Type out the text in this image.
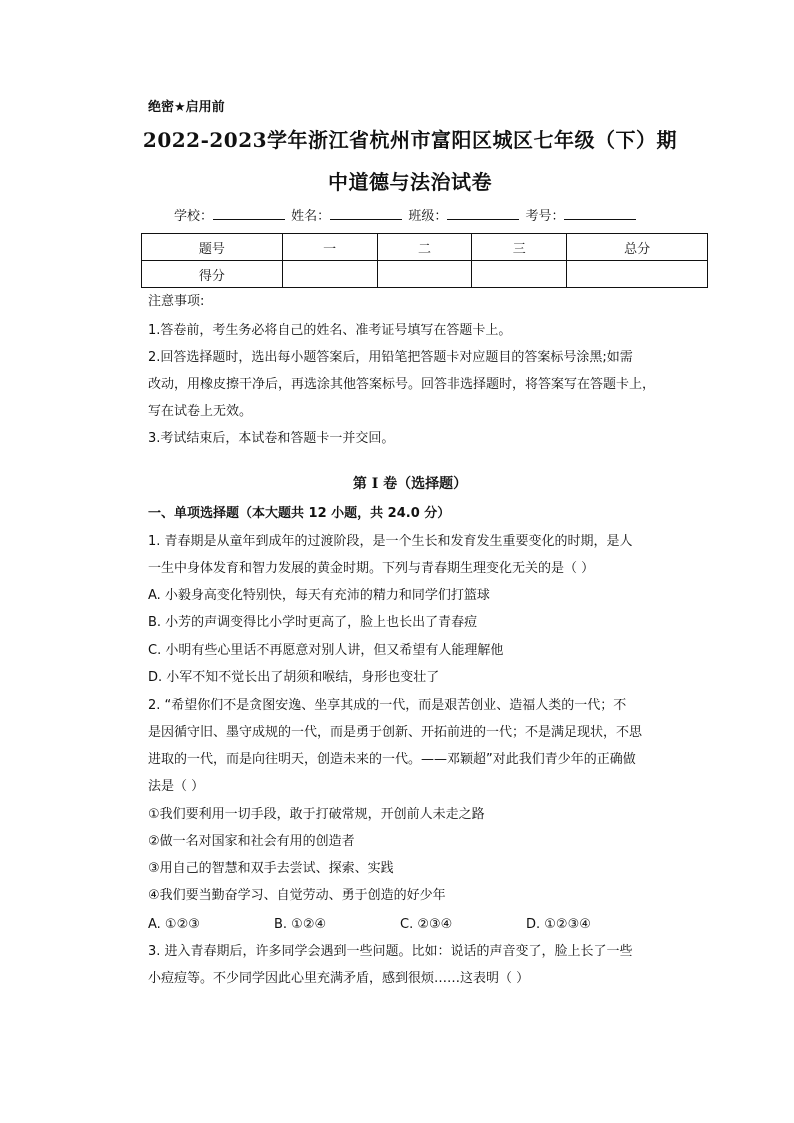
绝密★启用前
2022-2023学年浙江省杭州市富阳区城区七年级（下）期
中道德与法治试卷
学校：	姓名：	班级：	考号：
题号	一	二	三	总分
得分				
注意事项:
1.答卷前，考生务必将自己的姓名、准考证号填写在答题卡上。
2.回答选择题时，选出每小题答案后，用铅笔把答题卡对应题目的答案标号涂黑;如需
改动，用橡皮擦干净后，再选涂其他答案标号。回答非选择题时，将答案写在答题卡上，
写在试卷上无效。
3.考试结束后，本试卷和答题卡一并交回。
第 I 卷（选择题）
一、单项选择题（本大题共 12 小题，共 24.0 分）
1. 青春期是从童年到成年的过渡阶段，是一个生长和发育发生重要变化的时期，是人
一生中身体发育和智力发展的黄金时期。下列与青春期生理变化无关的是（ ）
A. 小毅身高变化特别快，每天有充沛的精力和同学们打篮球
B. 小芳的声调变得比小学时更高了，脸上也长出了青春痘
C. 小明有些心里话不再愿意对别人讲，但又希望有人能理解他
D. 小军不知不觉长出了胡须和喉结，身形也变壮了
2. “希望你们不是贪图安逸、坐享其成的一代，而是艰苦创业、造福人类的一代；不
是因循守旧、墨守成规的一代，而是勇于创新、开拓前进的一代；不是满足现状，不思
进取的一代，而是向往明天，创造未来的一代。——邓颖超”对此我们青少年的正确做
法是（ ）
①我们要利用一切手段，敢于打破常规，开创前人未走之路
②做一名对国家和社会有用的创造者
③用自己的智慧和双手去尝试、探索、实践
④我们要当勤奋学习、自觉劳动、勇于创造的好少年
A. ①②③	B. ①②④	C. ②③④	D. ①②③④
3. 进入青春期后，许多同学会遇到一些问题。比如：说话的声音变了，脸上长了一些
小痘痘等。不少同学因此心里充满矛盾，感到很烦……这表明（ ）
